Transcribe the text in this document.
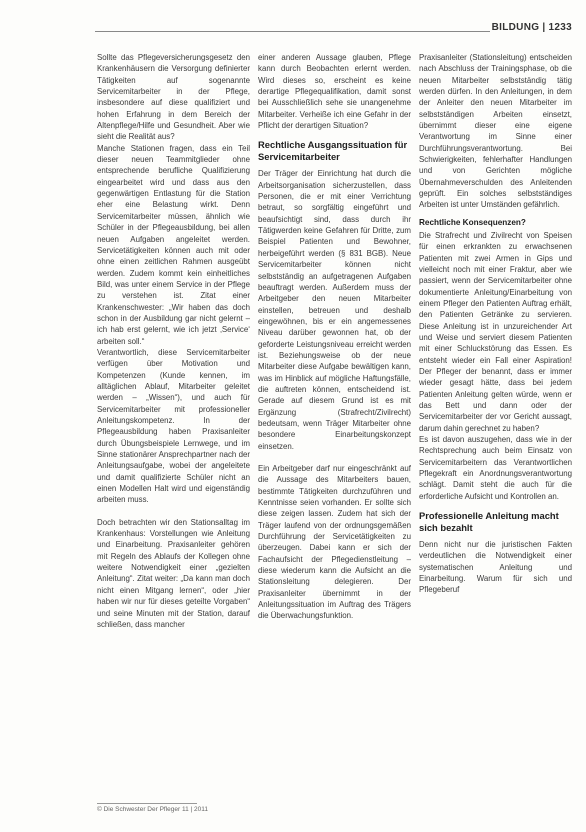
BILDUNG | 1233

Sollte das Pflegeversicherungsgesetz den Krankenhäusern die Versorgung definierter Tätigkeiten auf sogenannte Servicemitarbeiter in der Pflege, insbesondere auf diese qualifiziert und hohen Erfahrung in dem Bereich der Altenpflege/Hilfe und Gesundheit. Aber wie sieht die Realität aus?

Manche Stationen fragen, dass ein Teil dieser neuen Teammitglieder ohne entsprechende berufliche Qualifizierung eingearbeitet wird und dass aus den gegenwärtigen Entlastung für die Station eher eine Belastung wirkt. Denn Servicemitarbeiter müssen, ähnlich wie Schüler in der Pflegeausbildung, bei allen neuen Aufgaben angeleitet werden. Servicetätigkeiten können auch mit oder ohne einen zeitlichen Rahmen ausgeübt werden. Zudem kommt kein einheitliches Bild, was unter einem Service in der Pflege zu verstehen ist. Zitat einer Krankenschwester: „Wir haben das doch schon in der Ausbildung gar nicht gelernt – ich hab erst gelernt, wie ich jetzt ‚Service‘ arbeiten soll.“

Verantwortlich, diese Servicemitarbeiter verfügen über Motivation und Kompetenzen (Kunde kennen, im alltäglichen Ablauf, Mitarbeiter geleitet werden – „Wissen“), und auch für Servicemitarbeiter mit professioneller Anleitungskompetenz. In der Pflegeausbildung haben Praxisanleiter durch Übungsbeispiele Lernwege, und im Sinne stationärer Ansprechpartner nach der Anleitungsaufgabe, wobei der angeleitete und damit qualifizierte Schüler nicht an einen Modellen Halt wird und eigenständig arbeiten muss.

Doch betrachten wir den Stationsalltag im Krankenhaus: Vorstellungen wie Anleitung und Einarbeitung. Praxisanleiter gehören mit Regeln des Ablaufs der Kollegen ohne weitere Notwendigkeit einer „gezielten Anleitung“. Zitat weiter: „Da kann man doch nicht einen Mitgang lernen“, oder „hier haben wir nur für dieses geteilte Vorgaben“ und seine Minuten mit der Station, darauf schließen, dass mancher

einer anderen Aussage glauben, Pflege kann durch Beobachten erlernt werden. Wird dieses so, erscheint es keine derartige Pflegequalifikation, damit sonst bei Ausschließlich sehe sie unangenehme Mitarbeiter. Verheiße ich eine Gefahr in der Pflicht der derartigen Situation?

Rechtliche Ausgangssituation für Servicemitarbeiter

Der Träger der Einrichtung hat durch die Arbeitsorganisation sicherzustellen, dass Personen, die er mit einer Verrichtung betraut, so sorgfältig eingeführt und beaufsichtigt sind, dass durch ihr Tätigwerden keine Gefahren für Dritte, zum Beispiel Patienten und Bewohner, herbeigeführt werden (§ 831 BGB). Neue Servicemitarbeiter können nicht selbstständig an aufgetragenen Aufgaben beauftragt werden. Außerdem muss der Arbeitgeber den neuen Mitarbeiter einstellen, betreuen und deshalb eingewöhnen, bis er ein angemessenes Niveau darüber gewonnen hat, ob der geforderte Leistungsniveau erreicht werden ist. Beziehungsweise ob der neue Mitarbeiter diese Aufgabe bewältigen kann, was im Hinblick auf mögliche Haftungsfälle, die auftreten können, entscheidend ist. Gerade auf diesem Grund ist es mit Ergänzung (Strafrecht/Zivilrecht) bedeutsam, wenn Träger Mitarbeiter ohne besondere Einarbeitungskonzept einsetzen.

Ein Arbeitgeber darf nur eingeschränkt auf die Aussage des Mitarbeiters bauen, bestimmte Tätigkeiten durchzuführen und Kenntnisse seien vorhanden. Er sollte sich diese zeigen lassen. Zudem hat sich der Träger laufend von der ordnungsgemäßen Durchführung der Servicetätigkeiten zu überzeugen. Dabei kann er sich der Fachaufsicht der Pflegedienstleitung – diese wiederum kann die Aufsicht an die Stationsleitung delegieren. Der Praxisanleiter übernimmt in der Anleitungssituation im Auftrag des Trägers die Überwachungsfunktion.

Praxisanleiter (Stationsleitung) entscheiden nach Abschluss der Trainingsphase, ob die neuen Mitarbeiter selbstständig tätig werden dürfen. In den Anleitungen, in dem der Anleiter den neuen Mitarbeiter im selbstständigen Arbeiten einsetzt, übernimmt dieser eine eigene Verantwortung im Sinne einer Durchführungsverantwortung. Bei Schwierigkeiten, fehlerhafter Handlungen und von Gerichten mögliche Übernahmeverschulden des Anleitenden geprüft. Ein solches selbstständiges Arbeiten ist unter Umständen gefährlich.

Rechtliche Konsequenzen?

Die Strafrecht und Zivilrecht von Speisen für einen erkrankten zu erwachsenen Patienten mit zwei Armen in Gips und vielleicht noch mit einer Fraktur, aber wie passiert, wenn der Servicemitarbeiter ohne dokumentierte Anleitung/Einarbeitung von einem Pfleger den Patienten Auftrag erhält, den Patienten Getränke zu servieren. Diese Anleitung ist in unzureichender Art und Weise und serviert diesem Patienten mit einer Schluckstörung das Essen. Es entsteht wieder ein Fall einer Aspiration! Der Pfleger der benannt, dass er immer wieder gesagt hätte, dass bei jedem Patienten Anleitung gelten würde, wenn er das Bett und dann oder der Servicemitarbeiter der vor Gericht aussagt, darum dahin gerechnet zu haben?

Es ist davon auszugehen, dass wie in der Rechtsprechung auch beim Einsatz von Servicemitarbeitern das Verantwortlichen Pflegekraft ein Anordnungsverantwortung schlägt. Damit steht die auch für die erforderliche Aufsicht und Kontrollen an.

Professionelle Anleitung macht sich bezahlt

Denn nicht nur die juristischen Fakten verdeutlichen die Notwendigkeit einer systematischen Anleitung und Einarbeitung. Warum für sich und Pflegeberuf

© Die Schwester Der Pfleger 11 | 2011
